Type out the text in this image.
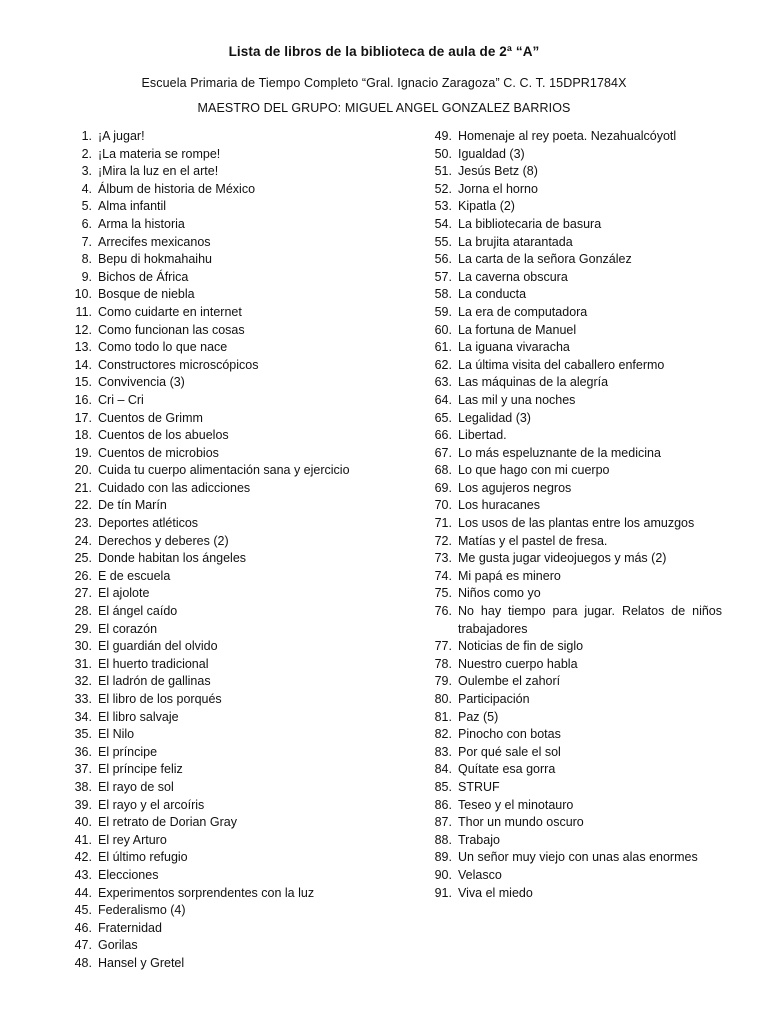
Lista de libros de la biblioteca de aula de 2ª “A”
Escuela Primaria de Tiempo Completo “Gral. Ignacio Zaragoza” C. C. T. 15DPR1784X
MAESTRO DEL GRUPO: MIGUEL ANGEL GONZALEZ BARRIOS
1. ¡A jugar!
2. ¡La materia se rompe!
3. ¡Mira la luz en el arte!
4. Álbum de historia de México
5. Alma infantil
6. Arma la historia
7. Arrecifes mexicanos
8. Bepu di hokmahaihu
9. Bichos de África
10. Bosque de niebla
11. Como cuidarte en internet
12. Como funcionan las cosas
13. Como todo lo que nace
14. Constructores microscópicos
15. Convivencia (3)
16. Cri – Cri
17. Cuentos de Grimm
18. Cuentos de los abuelos
19. Cuentos de microbios
20. Cuida tu cuerpo alimentación sana y ejercicio
21. Cuidado con las adicciones
22. De tín Marín
23. Deportes atléticos
24. Derechos y deberes (2)
25. Donde habitan los ángeles
26. E de escuela
27. El ajolote
28. El ángel caído
29. El corazón
30. El guardián del olvido
31. El huerto tradicional
32. El ladrón de gallinas
33. El libro de los porqués
34. El libro salvaje
35. El Nilo
36. El príncipe
37. El príncipe feliz
38. El rayo de sol
39. El rayo y el arcoíris
40. El retrato de Dorian Gray
41. El rey Arturo
42. El último refugio
43. Elecciones
44. Experimentos sorprendentes con la luz
45. Federalismo (4)
46. Fraternidad
47. Gorilas
48. Hansel y Gretel
49. Homenaje al rey poeta. Nezahualcóyotl
50. Igualdad (3)
51. Jesús Betz (8)
52. Jorna el horno
53. Kipatla (2)
54. La bibliotecaria de basura
55. La brujita atarantada
56. La carta de la señora González
57. La caverna obscura
58. La conducta
59. La era de computadora
60. La fortuna de Manuel
61. La iguana vivaracha
62. La última visita del caballero enfermo
63. Las máquinas de la alegría
64. Las mil y una noches
65. Legalidad (3)
66. Libertad.
67. Lo más espeluznante de la medicina
68. Lo que hago con mi cuerpo
69. Los agujeros negros
70. Los huracanes
71. Los usos de las plantas entre los amuzgos
72. Matías y el pastel de fresa.
73. Me gusta jugar videojuegos y más (2)
74. Mi papá es minero
75. Niños como yo
76. No hay tiempo para jugar. Relatos de niños trabajadores
77. Noticias de fin de siglo
78. Nuestro cuerpo habla
79. Oulembe el zahorí
80. Participación
81. Paz (5)
82. Pinocho con botas
83. Por qué sale el sol
84. Quítate esa gorra
85. STRUF
86. Teseo y el minotauro
87. Thor un mundo oscuro
88. Trabajo
89. Un señor muy viejo con unas alas enormes
90. Velasco
91. Viva el miedo
